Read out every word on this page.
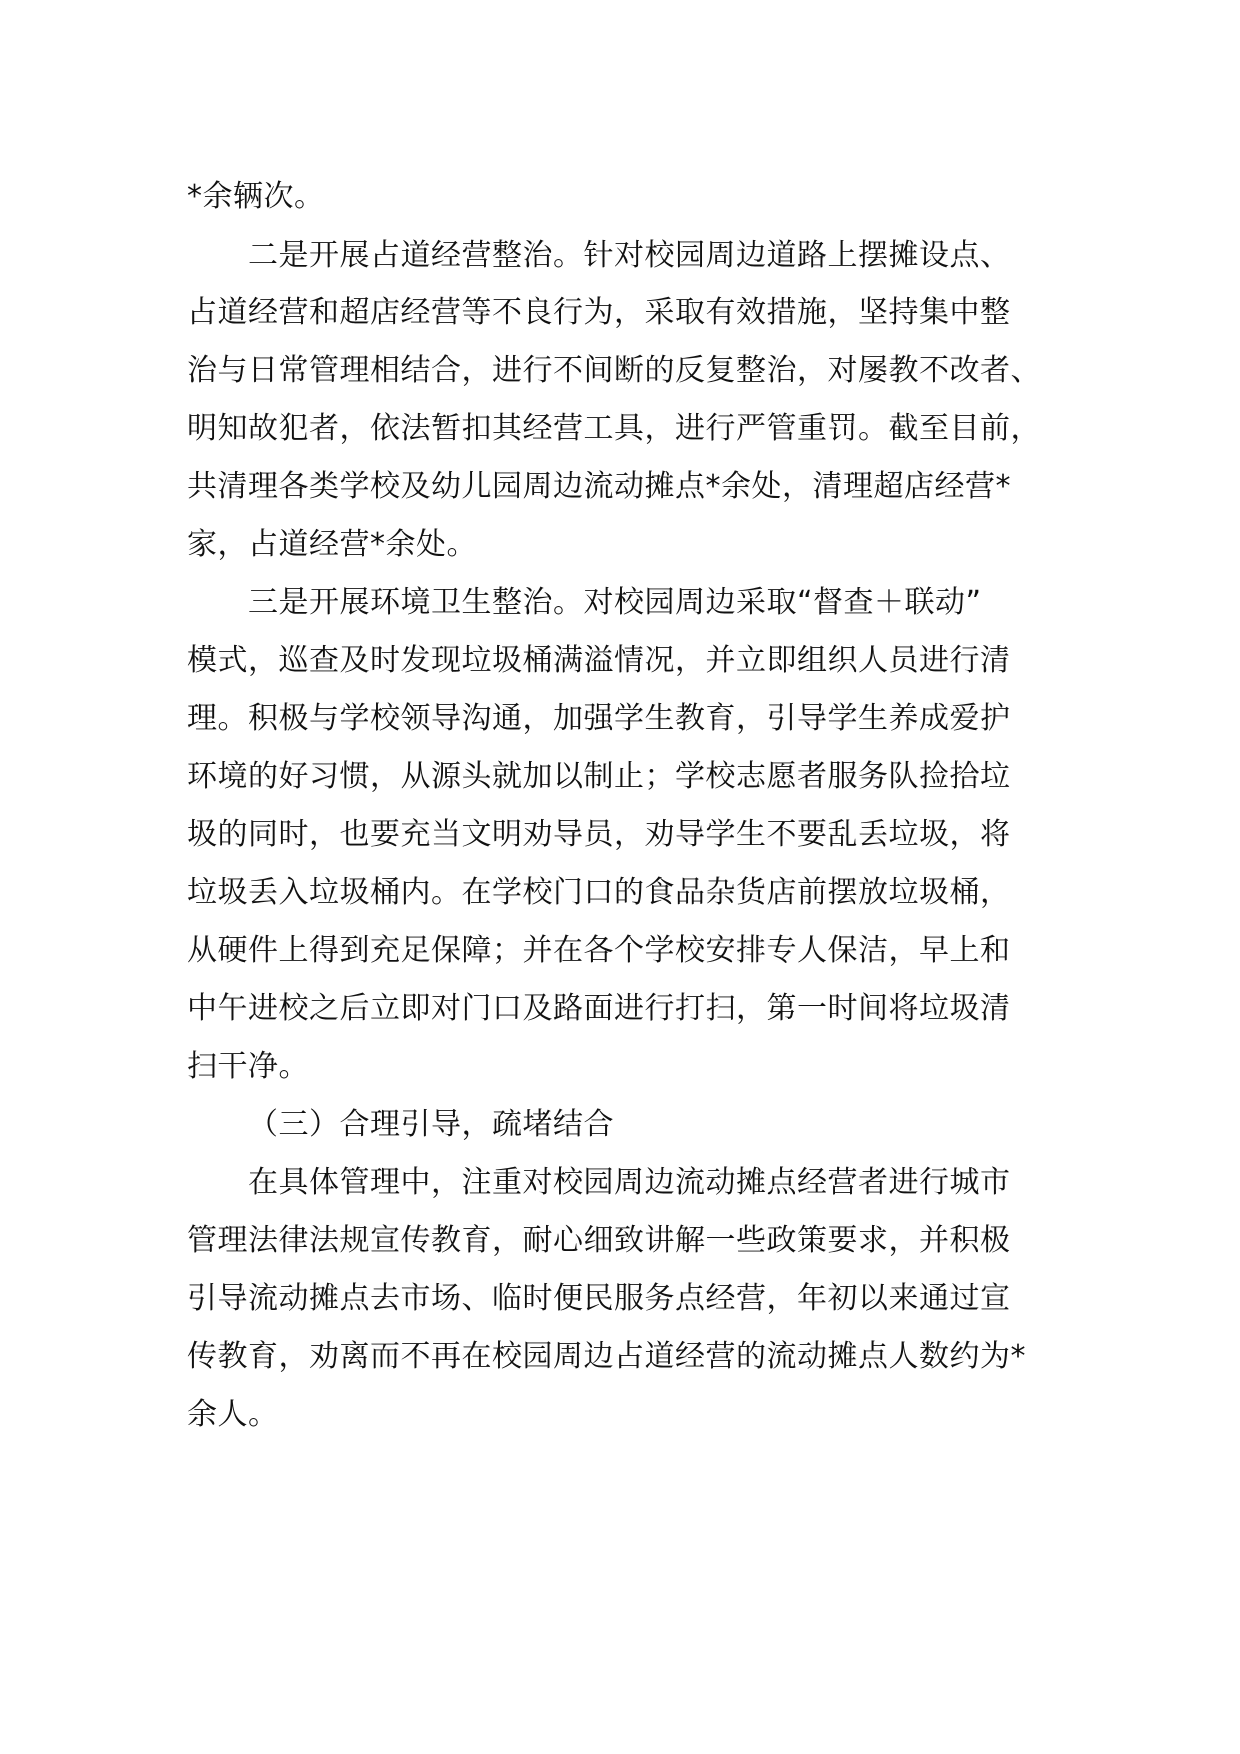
*余辆次。

二是开展占道经营整治。针对校园周边道路上摆摊设点、

占道经营和超店经营等不良行为，采取有效措施，坚持集中整

治与日常管理相结合，进行不间断的反复整治，对屡教不改者、

明知故犯者，依法暂扣其经营工具，进行严管重罚。截至目前，

共清理各类学校及幼儿园周边流动摊点*余处，清理超店经营*

家，占道经营*余处。

三是开展环境卫生整治。对校园周边采取“督查＋联动”

模式，巡查及时发现垃圾桶满溢情况，并立即组织人员进行清

理。积极与学校领导沟通，加强学生教育，引导学生养成爱护

环境的好习惯，从源头就加以制止；学校志愿者服务队捡拾垃

圾的同时，也要充当文明劝导员，劝导学生不要乱丢垃圾，将

垃圾丢入垃圾桶内。在学校门口的食品杂货店前摆放垃圾桶，

从硬件上得到充足保障；并在各个学校安排专人保洁，早上和

中午进校之后立即对门口及路面进行打扫，第一时间将垃圾清

扫干净。

（三）合理引导，疏堵结合

在具体管理中，注重对校园周边流动摊点经营者进行城市

管理法律法规宣传教育，耐心细致讲解一些政策要求，并积极

引导流动摊点去市场、临时便民服务点经营，年初以来通过宣

传教育，劝离而不再在校园周边占道经营的流动摊点人数约为*

余人。
